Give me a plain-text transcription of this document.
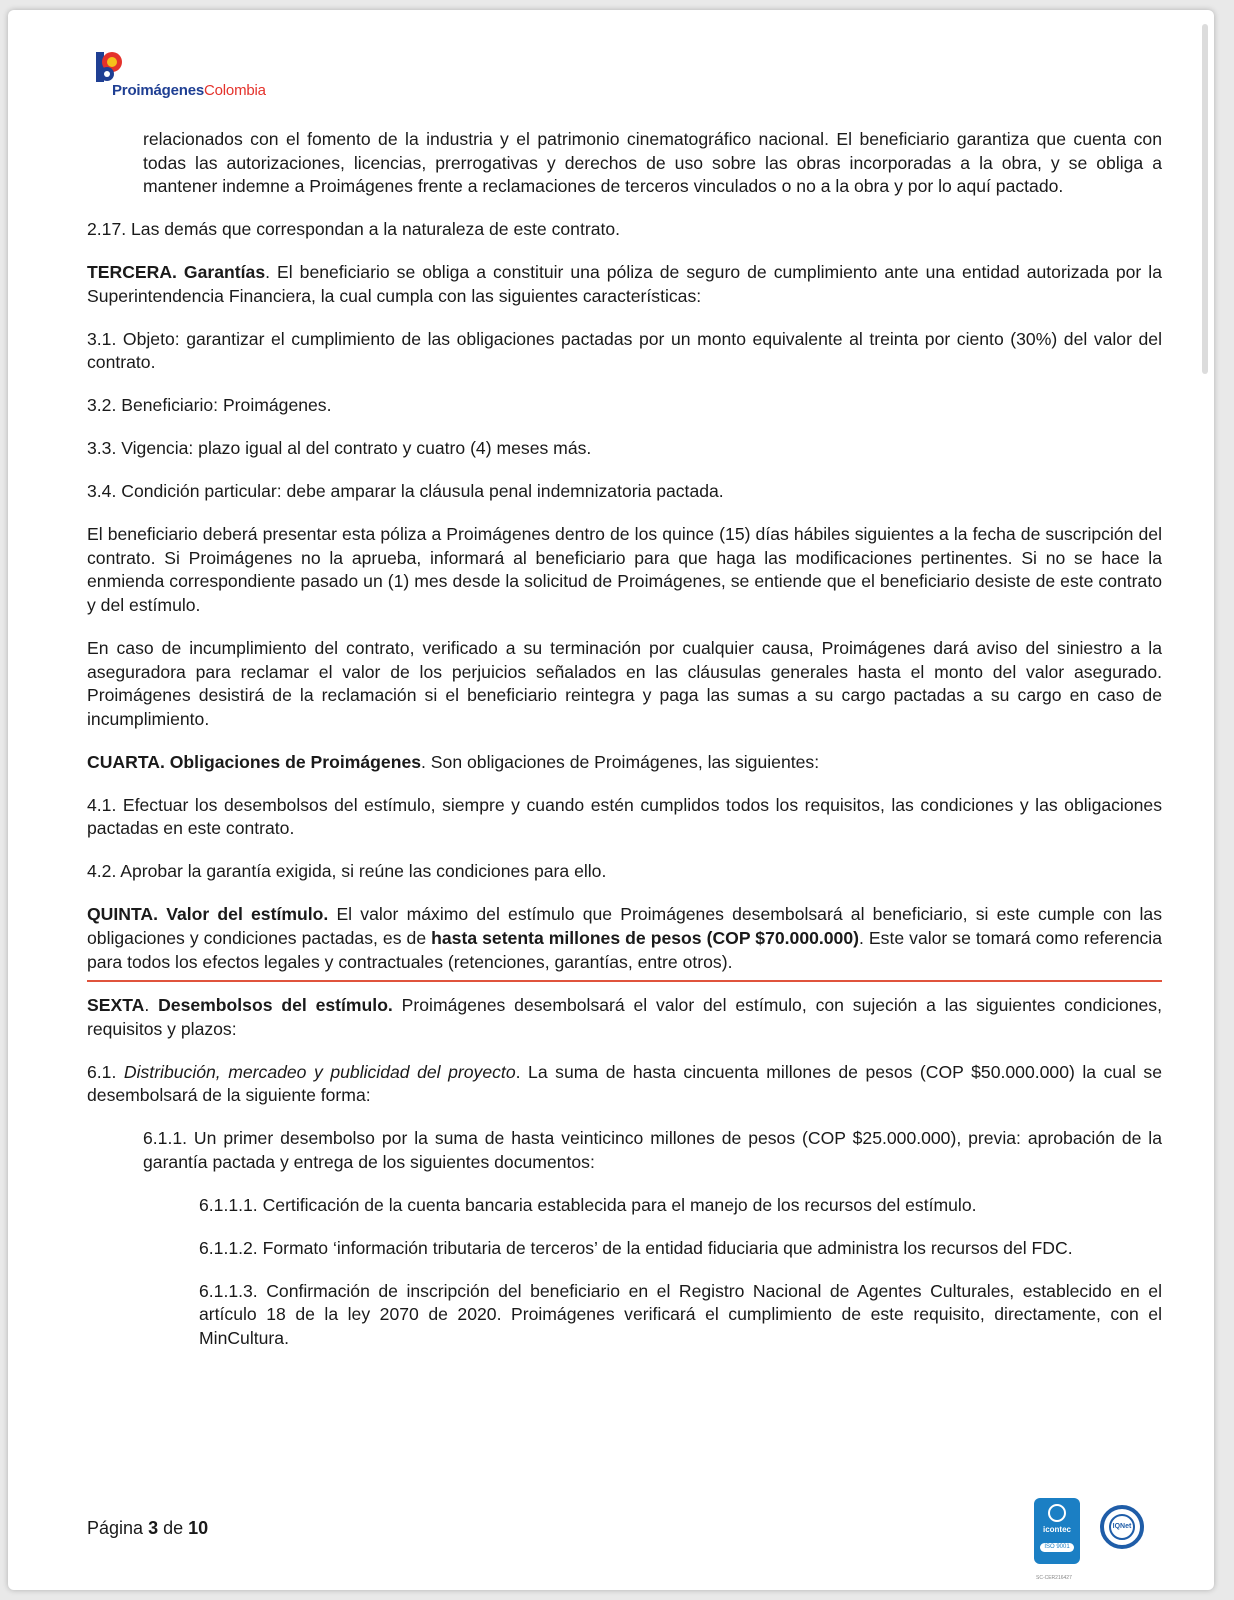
ProimágenesColombia

relacionados con el fomento de la industria y el patrimonio cinematográfico nacional. El beneficiario garantiza que cuenta con todas las autorizaciones, licencias, prerrogativas y derechos de uso sobre las obras incorporadas a la obra, y se obliga a mantener indemne a Proimágenes frente a reclamaciones de terceros vinculados o no a la obra y por lo aquí pactado.

2.17. Las demás que correspondan a la naturaleza de este contrato.

TERCERA. Garantías. El beneficiario se obliga a constituir una póliza de seguro de cumplimiento ante una entidad autorizada por la Superintendencia Financiera, la cual cumpla con las siguientes características:

3.1. Objeto: garantizar el cumplimiento de las obligaciones pactadas por un monto equivalente al treinta por ciento (30%) del valor del contrato.

3.2. Beneficiario: Proimágenes.

3.3. Vigencia: plazo igual al del contrato y cuatro (4) meses más.

3.4. Condición particular: debe amparar la cláusula penal indemnizatoria pactada.

El beneficiario deberá presentar esta póliza a Proimágenes dentro de los quince (15) días hábiles siguientes a la fecha de suscripción del contrato. Si Proimágenes no la aprueba, informará al beneficiario para que haga las modificaciones pertinentes. Si no se hace la enmienda correspondiente pasado un (1) mes desde la solicitud de Proimágenes, se entiende que el beneficiario desiste de este contrato y del estímulo.

En caso de incumplimiento del contrato, verificado a su terminación por cualquier causa, Proimágenes dará aviso del siniestro a la aseguradora para reclamar el valor de los perjuicios señalados en las cláusulas generales hasta el monto del valor asegurado. Proimágenes desistirá de la reclamación si el beneficiario reintegra y paga las sumas a su cargo pactadas a su cargo en caso de incumplimiento.

CUARTA. Obligaciones de Proimágenes. Son obligaciones de Proimágenes, las siguientes:

4.1. Efectuar los desembolsos del estímulo, siempre y cuando estén cumplidos todos los requisitos, las condiciones y las obligaciones pactadas en este contrato.

4.2. Aprobar la garantía exigida, si reúne las condiciones para ello.

QUINTA. Valor del estímulo. El valor máximo del estímulo que Proimágenes desembolsará al beneficiario, si este cumple con las obligaciones y condiciones pactadas, es de hasta setenta millones de pesos (COP $70.000.000). Este valor se tomará como referencia para todos los efectos legales y contractuales (retenciones, garantías, entre otros).

SEXTA. Desembolsos del estímulo. Proimágenes desembolsará el valor del estímulo, con sujeción a las siguientes condiciones, requisitos y plazos:

6.1. Distribución, mercadeo y publicidad del proyecto. La suma de hasta cincuenta millones de pesos (COP $50.000.000) la cual se desembolsará de la siguiente forma:

6.1.1. Un primer desembolso por la suma de hasta veinticinco millones de pesos (COP $25.000.000), previa: aprobación de la garantía pactada y entrega de los siguientes documentos:

6.1.1.1. Certificación de la cuenta bancaria establecida para el manejo de los recursos del estímulo.

6.1.1.2. Formato ‘información tributaria de terceros’ de la entidad fiduciaria que administra los recursos del FDC.

6.1.1.3. Confirmación de inscripción del beneficiario en el Registro Nacional de Agentes Culturales, establecido en el artículo 18 de la ley 2070 de 2020. Proimágenes verificará el cumplimiento de este requisito, directamente, con el MinCultura.

Página 3 de 10	icontec
ISO 9001
IQNet
SC-CER216427
